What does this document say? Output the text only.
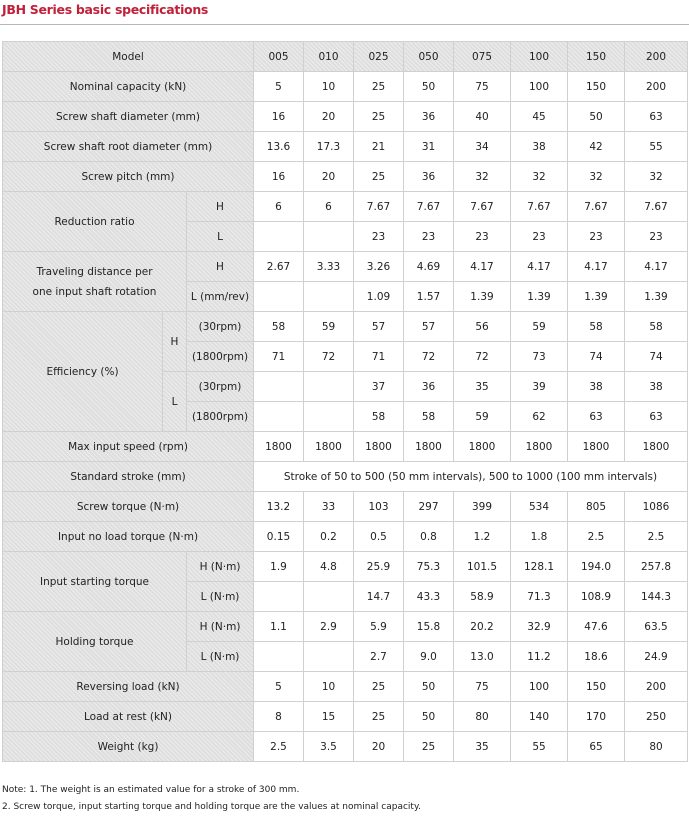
JBH Series basic specifications
Model			005	010	025	050	075	100	150	200
Nominal capacity (kN)			5	10	25	50	75	100	150	200
Screw shaft diameter (mm)			16	20	25	36	40	45	50	63
Screw shaft root diameter (mm)			13.6	17.3	21	31	34	38	42	55
Screw pitch (mm)			16	20	25	36	32	32	32	32
Reduction ratio		H	6	6	7.67	7.67	7.67	7.67	7.67	7.67
		L			23	23	23	23	23	23

Traveling distance per
one input shaft rotation		H	2.67	3.33	3.26	4.69	4.17	4.17	4.17	4.17
		L (mm/rev)			1.09	1.57	1.39	1.39	1.39	1.39
Efficiency (%)	H	(30rpm)	58	59	57	57	56	59	58	58
		(1800rpm)	71	72	71	72	72	73	74	74
	L	(30rpm)			37	36	35	39	38	38
		(1800rpm)			58	58	59	62	63	63
Max input speed (rpm)			1800	1800	1800	1800	1800	1800	1800	1800
Standard stroke (mm)			Stroke of 50 to 500 (50 mm intervals), 500 to 1000 (100 mm intervals)							
Screw torque (N·m)			13.2	33	103	297	399	534	805	1086
Input no load torque (N·m)			0.15	0.2	0.5	0.8	1.2	1.8	2.5	2.5
Input starting torque		H (N·m)	1.9	4.8	25.9	75.3	101.5	128.1	194.0	257.8
		L (N·m)			14.7	43.3	58.9	71.3	108.9	144.3
Holding torque		H (N·m)	1.1	2.9	5.9	15.8	20.2	32.9	47.6	63.5
		L (N·m)			2.7	9.0	13.0	11.2	18.6	24.9
Reversing load (kN)			5	10	25	50	75	100	150	200
Load at rest (kN)			8	15	25	50	80	140	170	250
Weight (kg)			2.5	3.5	20	25	35	55	65	80
Note: 1. The weight is an estimated value for a stroke of 300 mm.
2. Screw torque, input starting torque and holding torque are the values at nominal capacity.
